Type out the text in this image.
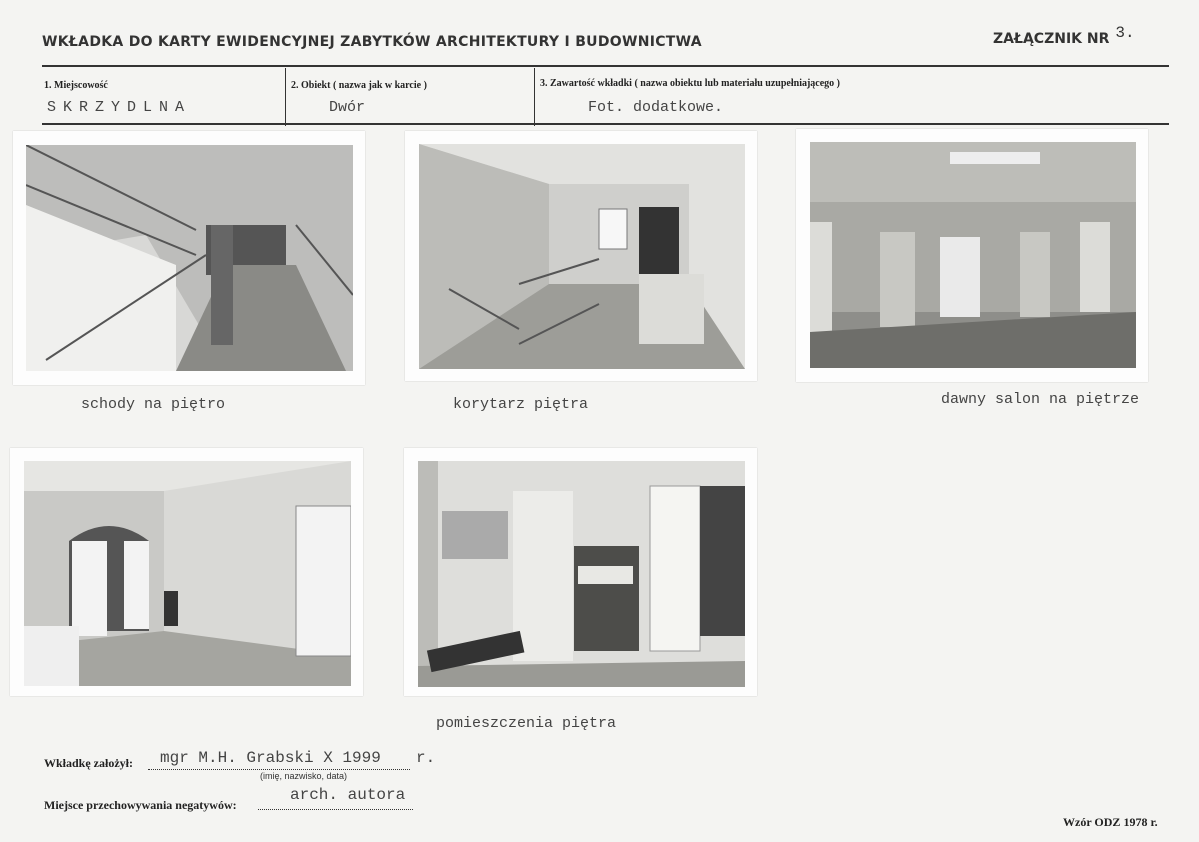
WKŁADKA DO KARTY EWIDENCYJNEJ ZABYTKÓW ARCHITEKTURY I BUDOWNICTWA	ZAŁĄCZNIK NR 3.
1. Miejscowość
SKRZYDLNA
2. Obiekt ( nazwa jak w karcie )
Dwór
3. Zawartość wkładki ( nazwa obiektu lub materiału uzupełniającego )
Fot. dodatkowe.
schody na piętro	korytarz piętra	dawny salon na piętrze
pomieszczenia piętra
Wkładkę założył: mgr M.H. Grabski X 1999 r.
(imię, nazwisko, data)
Miejsce przechowywania negatywów:
arch. autora
Wzór ODZ 1978 r.
